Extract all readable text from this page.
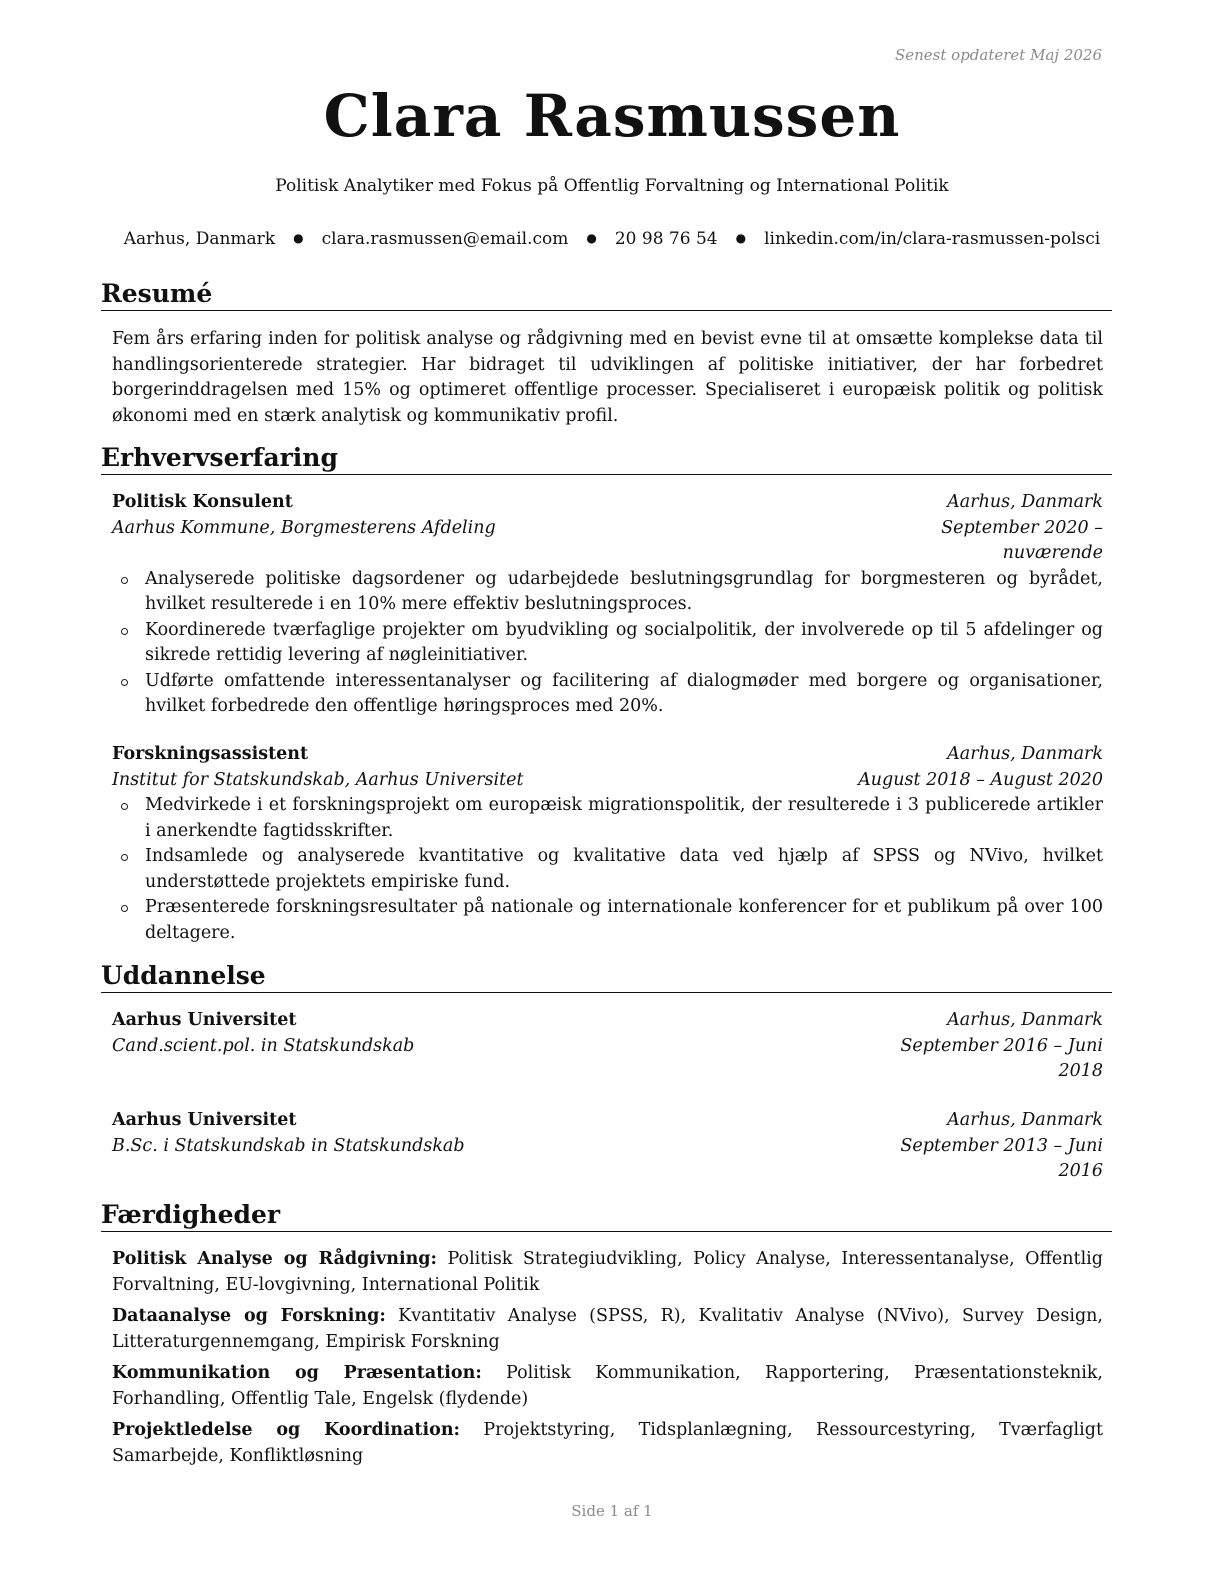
Senest opdateret Maj 2026
Clara Rasmussen
Politisk Analytiker med Fokus på Offentlig Forvaltning og International Politik
Aarhus, Danmark ● clara.rasmussen@email.com ● 20 98 76 54 ● linkedin.com/in/clara-rasmussen-polsci
Resumé
Fem års erfaring inden for politisk analyse og rådgivning med en bevist evne til at omsætte komplekse data til handlingsorienterede strategier. Har bidraget til udviklingen af politiske initiativer, der har forbedret borgerinddragelsen med 15% og optimeret offentlige processer. Specialiseret i europæisk politik og politisk økonomi med en stærk analytisk og kommunikativ profil.
Erhvervserfaring
Politisk Konsulent	Aarhus, Danmark
Aarhus Kommune, Borgmesterens Afdeling	September 2020 – nuværende
Analyserede politiske dagsordener og udarbejdede beslutningsgrundlag for borgmesteren og byrådet, hvilket resulterede i en 10% mere effektiv beslutningsproces.
Koordinerede tværfaglige projekter om byudvikling og socialpolitik, der involverede op til 5 afdelinger og sikrede rettidig levering af nøgleinitiativer.
Udførte omfattende interessentanalyser og facilitering af dialogmøder med borgere og organisationer, hvilket forbedrede den offentlige høringsproces med 20%.
Forskningsassistent	Aarhus, Danmark
Institut for Statskundskab, Aarhus Universitet	August 2018 – August 2020
Medvirkede i et forskningsprojekt om europæisk migrationspolitik, der resulterede i 3 publicerede artikler i anerkendte fagtidsskrifter.
Indsamlede og analyserede kvantitative og kvalitative data ved hjælp af SPSS og NVivo, hvilket understøttede projektets empiriske fund.
Præsenterede forskningsresultater på nationale og internationale konferencer for et publikum på over 100 deltagere.
Uddannelse
Aarhus Universitet	Aarhus, Danmark
Cand.scient.pol. in Statskundskab	September 2016 – Juni 2018
Aarhus Universitet	Aarhus, Danmark
B.Sc. i Statskundskab in Statskundskab	September 2013 – Juni 2016
Færdigheder
Politisk Analyse og Rådgivning: Politisk Strategiudvikling, Policy Analyse, Interessentanalyse, Offentlig Forvaltning, EU-lovgivning, International Politik
Dataanalyse og Forskning: Kvantitativ Analyse (SPSS, R), Kvalitativ Analyse (NVivo), Survey Design, Litteraturgennemgang, Empirisk Forskning
Kommunikation og Præsentation: Politisk Kommunikation, Rapportering, Præsentationsteknik, Forhandling, Offentlig Tale, Engelsk (flydende)
Projektledelse og Koordination: Projektstyring, Tidsplanlægning, Ressourcestyring, Tværfagligt Samarbejde, Konfliktløsning
Side 1 af 1
